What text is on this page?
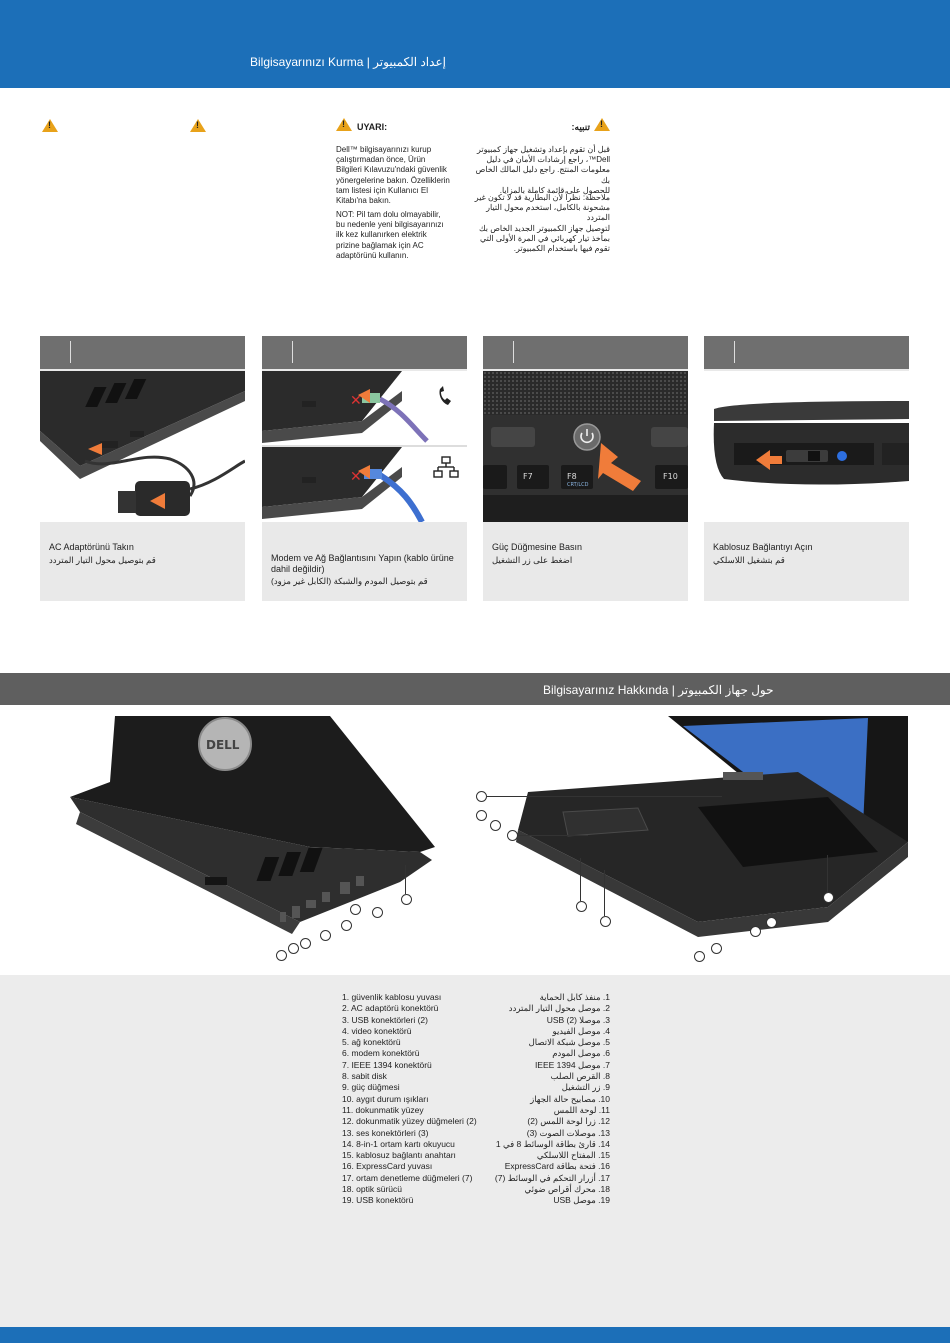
Bilgisayarınızı Kurma | إعداد الكمبيوتر
!
!
!
UYARI:
Dell™ bilgisayarınızı kurup
çalıştırmadan önce, Ürün
Bilgileri Kılavuzu'ndaki güvenlik
yönergelerine bakın. Özelliklerin
tam listesi için Kullanıcı El
Kitabı'na bakın.
NOT: Pil tam dolu olmayabilir,
bu nedenle yeni bilgisayarınızı
ilk kez kullanırken elektrik
prizine bağlamak için AC
adaptörünü kullanın.
!
تنبيه:
قبل أن تقوم بإعداد وتشغيل جهاز كمبيوتر
Dell™، راجع إرشادات الأمان في دليل
معلومات المنتج. راجع دليل المالك الخاص بك
للحصول على قائمة كاملة بالمزايا.
ملاحظة: نظراً لأن البطارية قد لا تكون غير
مشحونة بالكامل، استخدم محول التيار المتردد
لتوصيل جهاز الكمبيوتر الجديد الخاص بك
بمأخذ تيار كهربائي في المرة الأولى التي
تقوم فيها باستخدام الكمبيوتر.
AC Adaptörünü Takın
قم بتوصيل محول التيار المتردد
✕
✕
Modem ve Ağ Bağlantısını Yapın (kablo ürüne dahil değildir)
قم بتوصيل المودم والشبكة (الكابل غير مزود)
F7	F8
CRT/LCD
F10
Güç Düğmesine Basın
اضغط على زر التشغيل
Kablosuz Bağlantıyı Açın
قم بتشغيل اللاسلكي
Bilgisayarınız Hakkında | حول جهاز الكمبيوتر
DELL
1. güvenlik kablosu yuvası
2. AC adaptörü konektörü
3. USB konektörleri (2)
4. video konektörü
5. ağ konektörü
6. modem konektörü
7. IEEE 1394 konektörü
8. sabit disk
9. güç düğmesi
10. aygıt durum ışıkları
11. dokunmatik yüzey
12. dokunmatik yüzey düğmeleri (2)
13. ses konektörleri (3)
14. 8-in-1 ortam kartı okuyucu
15. kablosuz bağlantı anahtarı
16. ExpressCard yuvası
17. ortam denetleme düğmeleri (7)
18. optik sürücü
19. USB konektörü
1. منفذ كابل الحماية
2. موصل محول التيار المتردد
3. موصلا USB (2)
4. موصل الفيديو
5. موصل شبكة الاتصال
6. موصل المودم
7. موصل IEEE 1394
8. القرص الصلب
9. زر التشغيل
10. مصابيح حالة الجهاز
11. لوحة اللمس
12. زرا لوحة اللمس (2)
13. موصلات الصوت (3)
14. قارئ بطاقة الوسائط 8 في 1
15. المفتاح اللاسلكي
16. فتحة بطاقة ExpressCard
17. أزرار التحكم في الوسائط (7)
18. محرك أقراص ضوئي
19. موصل USB
